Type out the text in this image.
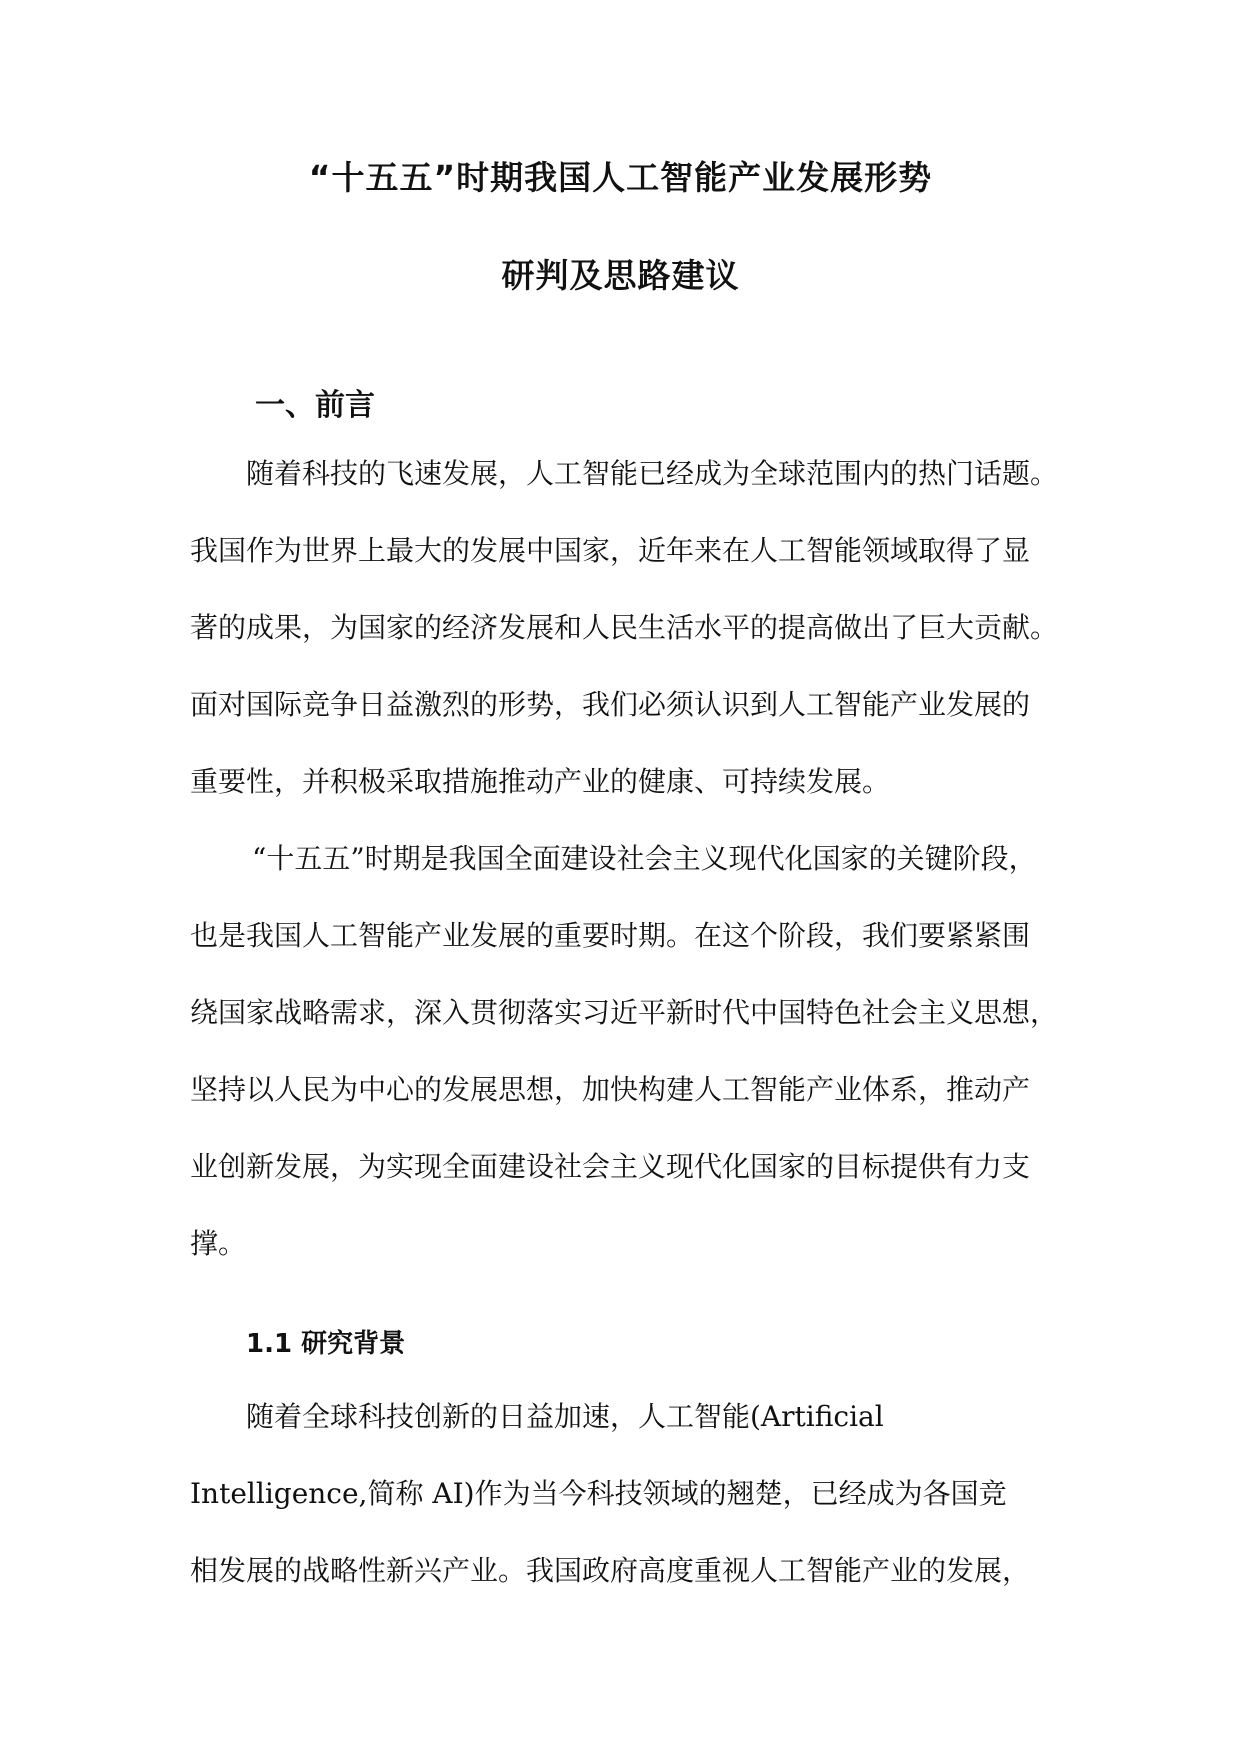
“十五五”时期我国人工智能产业发展形势
研判及思路建议
一、前言
随着科技的飞速发展，人工智能已经成为全球范围内的热门话题。
我国作为世界上最大的发展中国家，近年来在人工智能领域取得了显
著的成果，为国家的经济发展和人民生活水平的提高做出了巨大贡献。
面对国际竞争日益激烈的形势，我们必须认识到人工智能产业发展的
重要性，并积极采取措施推动产业的健康、可持续发展。
“十五五”时期是我国全面建设社会主义现代化国家的关键阶段，
也是我国人工智能产业发展的重要时期。在这个阶段，我们要紧紧围
绕国家战略需求，深入贯彻落实习近平新时代中国特色社会主义思想，
坚持以人民为中心的发展思想，加快构建人工智能产业体系，推动产
业创新发展，为实现全面建设社会主义现代化国家的目标提供有力支
撑。
1.1 研究背景
随着全球科技创新的日益加速，人工智能(Artificial
Intelligence,简称 AI)作为当今科技领域的翘楚，已经成为各国竞
相发展的战略性新兴产业。我国政府高度重视人工智能产业的发展，
